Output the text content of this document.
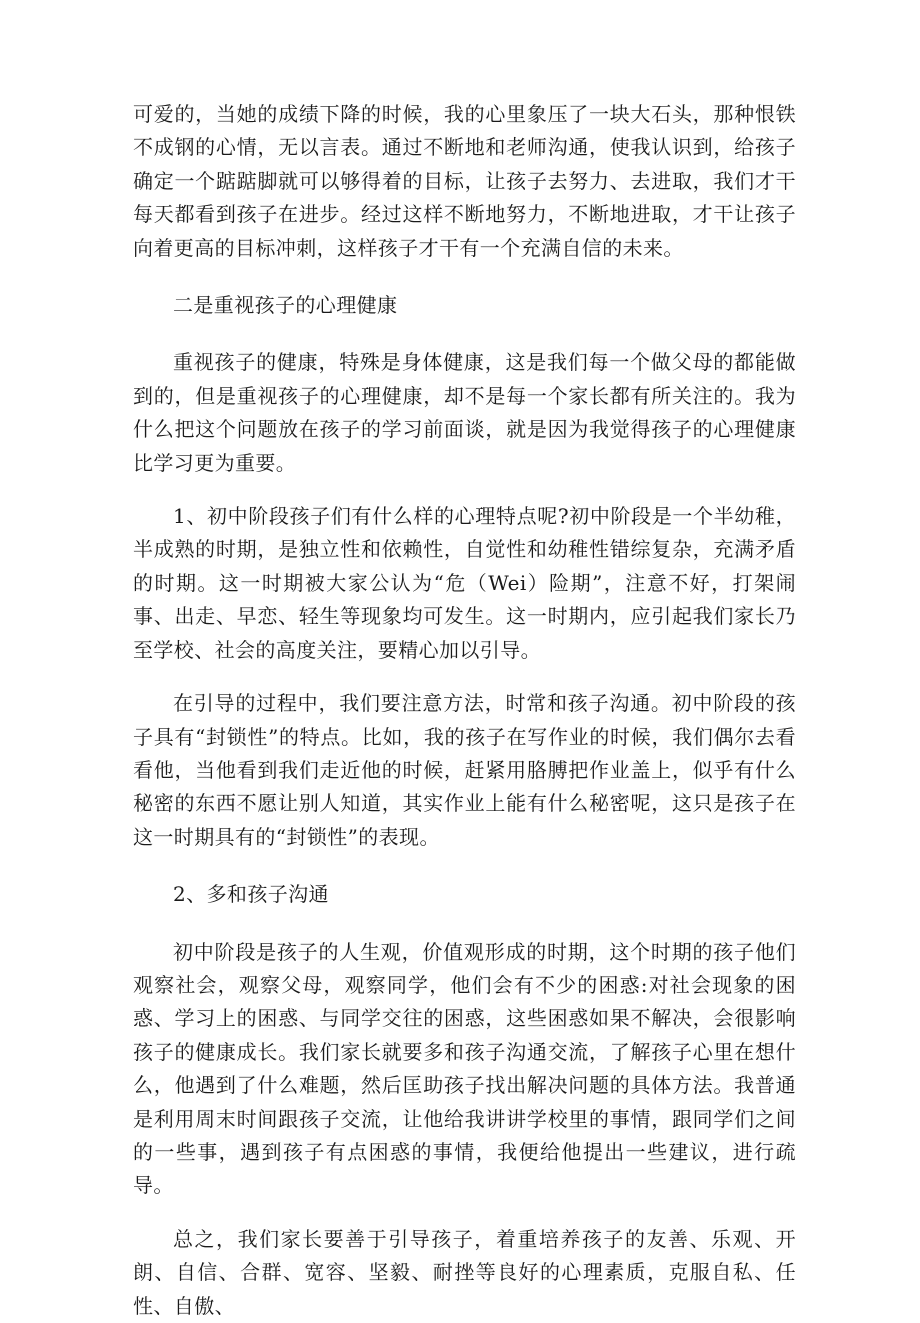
可爱的，当她的成绩下降的时候，我的心里象压了一块大石头，那种恨铁不成钢的心情，无以言表。通过不断地和老师沟通，使我认识到，给孩子确定一个踮踮脚就可以够得着的目标，让孩子去努力、去进取，我们才干每天都看到孩子在进步。经过这样不断地努力，不断地进取，才干让孩子向着更高的目标冲刺，这样孩子才干有一个充满自信的未来。

二是重视孩子的心理健康

重视孩子的健康，特殊是身体健康，这是我们每一个做父母的都能做到的，但是重视孩子的心理健康，却不是每一个家长都有所关注的。我为什么把这个问题放在孩子的学习前面谈，就是因为我觉得孩子的心理健康比学习更为重要。

1、初中阶段孩子们有什么样的心理特点呢?初中阶段是一个半幼稚，半成熟的时期，是独立性和依赖性，自觉性和幼稚性错综复杂，充满矛盾的时期。这一时期被大家公认为“危（Wei）险期”，注意不好，打架闹事、出走、早恋、轻生等现象均可发生。这一时期内，应引起我们家长乃至学校、社会的高度关注，要精心加以引导。

在引导的过程中，我们要注意方法，时常和孩子沟通。初中阶段的孩子具有“封锁性”的特点。比如，我的孩子在写作业的时候，我们偶尔去看看他，当他看到我们走近他的时候，赶紧用胳膊把作业盖上，似乎有什么秘密的东西不愿让别人知道，其实作业上能有什么秘密呢，这只是孩子在这一时期具有的“封锁性”的表现。

2、多和孩子沟通

初中阶段是孩子的人生观，价值观形成的时期，这个时期的孩子他们观察社会，观察父母，观察同学，他们会有不少的困惑:对社会现象的困惑、学习上的困惑、与同学交往的困惑，这些困惑如果不解决，会很影响孩子的健康成长。我们家长就要多和孩子沟通交流，了解孩子心里在想什么，他遇到了什么难题，然后匡助孩子找出解决问题的具体方法。我普通是利用周末时间跟孩子交流，让他给我讲讲学校里的事情，跟同学们之间的一些事，遇到孩子有点困惑的事情，我便给他提出一些建议，进行疏导。

总之，我们家长要善于引导孩子，着重培养孩子的友善、乐观、开朗、自信、合群、宽容、坚毅、耐挫等良好的心理素质，克服自私、任性、自傲、
